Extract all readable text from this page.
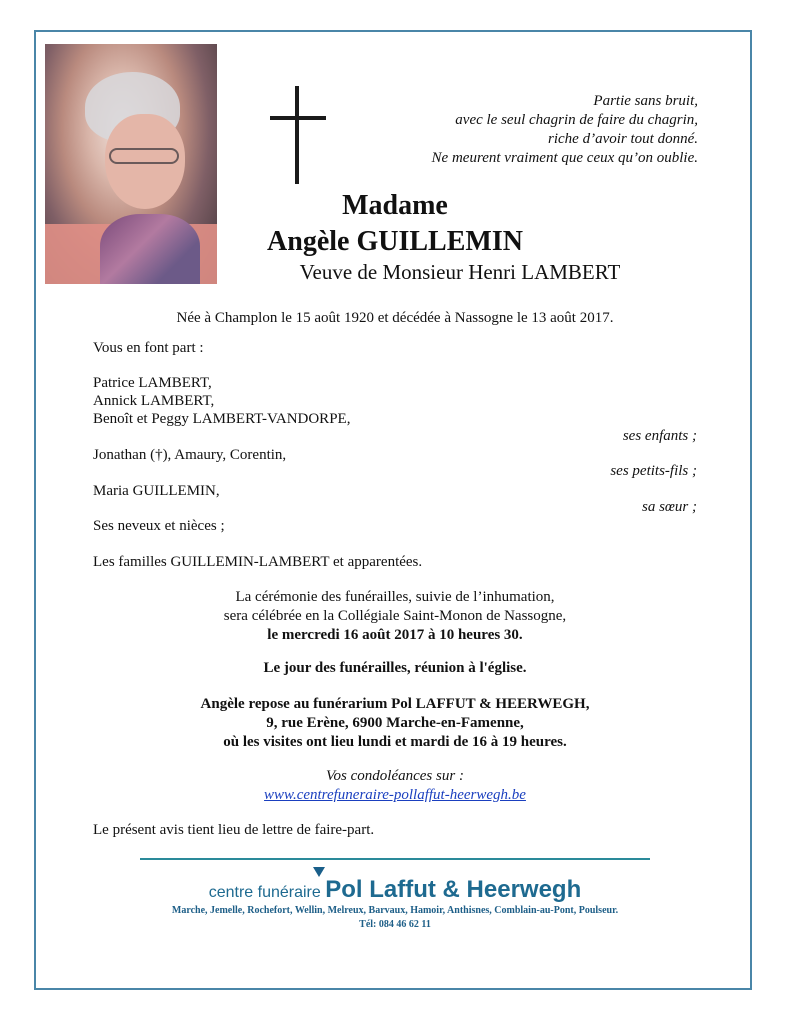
Partie sans bruit,
avec le seul chagrin de faire du chagrin,
riche d’avoir tout donné.
Ne meurent vraiment que ceux qu’on oublie.
Madame
Angèle GUILLEMIN
Veuve de Monsieur Henri LAMBERT
Née à Champlon le 15 août 1920 et décédée à Nassogne le 13 août 2017.
Vous en font part :
Patrice LAMBERT,
Annick LAMBERT,
Benoît et Peggy LAMBERT-VANDORPE,
ses enfants ;
Jonathan (†), Amaury, Corentin,
ses petits-fils ;
Maria GUILLEMIN,
sa sœur ;
Ses neveux et nièces ;
Les familles GUILLEMIN-LAMBERT et apparentées.
La cérémonie des funérailles, suivie de l’inhumation,
sera célébrée en la Collégiale Saint-Monon de Nassogne,
le mercredi 16 août 2017 à 10 heures 30.
Le jour des funérailles, réunion à l'église.
Angèle repose au funérarium Pol LAFFUT & HEERWEGH,
9, rue Erène, 6900 Marche-en-Famenne,
où les visites ont lieu lundi et mardi de 16 à 19 heures.
Vos condoléances sur :
www.centrefuneraire-pollaffut-heerwegh.be
Le présent avis tient lieu de lettre de faire-part.
centre funéraire Pol Laffut & Heerwegh
Marche, Jemelle, Rochefort, Wellin, Melreux, Barvaux, Hamoir, Anthisnes, Comblain-au-Pont, Poulseur.
Tél: 084 46 62 11
